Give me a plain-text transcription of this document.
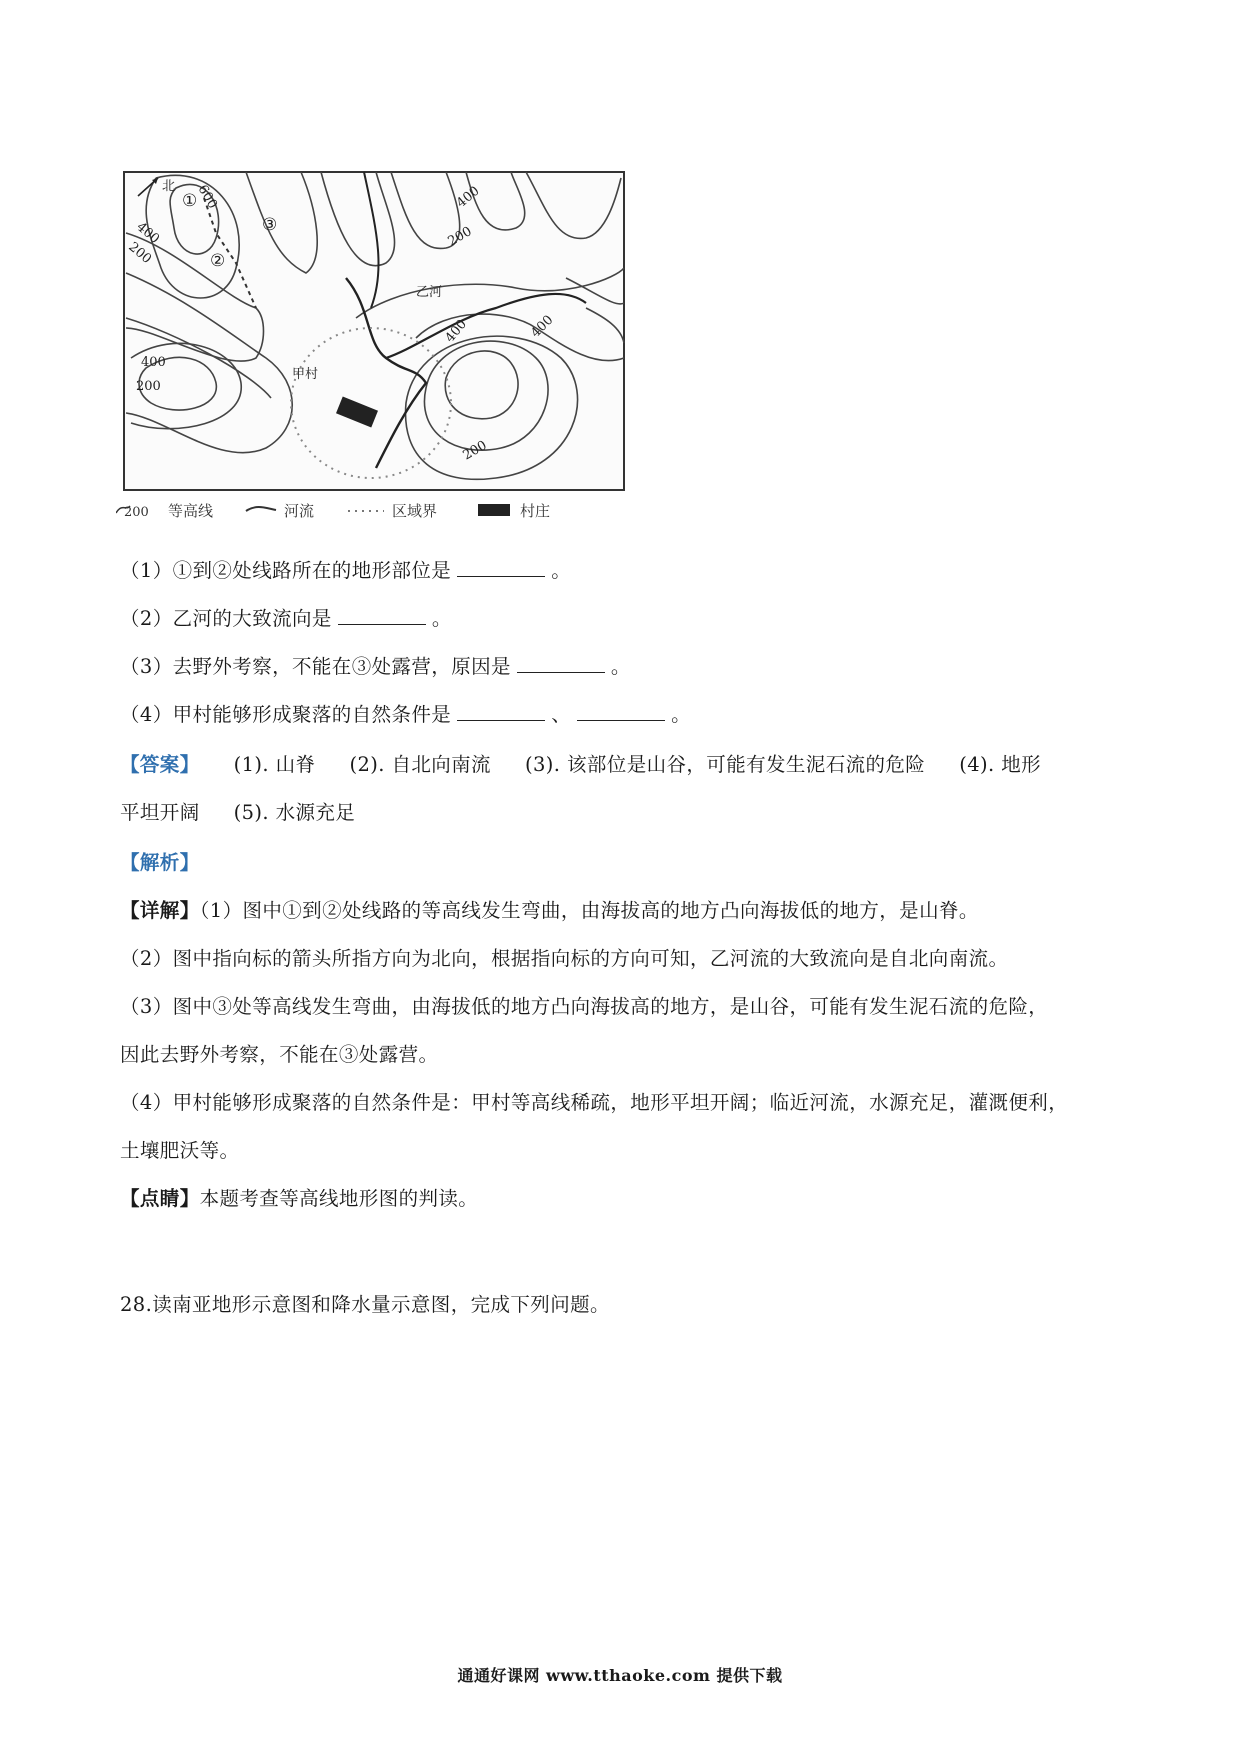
北
①
②
③
乙河
甲村
600
400
200
400
200
400
200
400	400
200
200 等高线	河流	区域界	村庄
（1）①到②处线路所在的地形部位是	。
（2）乙河的大致流向是	。
（3）去野外考察，不能在③处露营，原因是	。
（4）甲村能够形成聚落的自然条件是	、	。
【答案】 (1). 山脊 (2). 自北向南流 (3). 该部位是山谷，可能有发生泥石流的危险 (4). 地形
平坦开阔 (5). 水源充足
【解析】
【详解】（1）图中①到②处线路的等高线发生弯曲，由海拔高的地方凸向海拔低的地方，是山脊。
（2）图中指向标的箭头所指方向为北向，根据指向标的方向可知，乙河流的大致流向是自北向南流。
（3）图中③处等高线发生弯曲，由海拔低的地方凸向海拔高的地方，是山谷，可能有发生泥石流的危险，
因此去野外考察，不能在③处露营。
（4）甲村能够形成聚落的自然条件是：甲村等高线稀疏，地形平坦开阔；临近河流，水源充足，灌溉便利，
土壤肥沃等。
【点睛】本题考查等高线地形图的判读。
28.读南亚地形示意图和降水量示意图，完成下列问题。
通通好课网 www.tthaoke.com 提供下载
